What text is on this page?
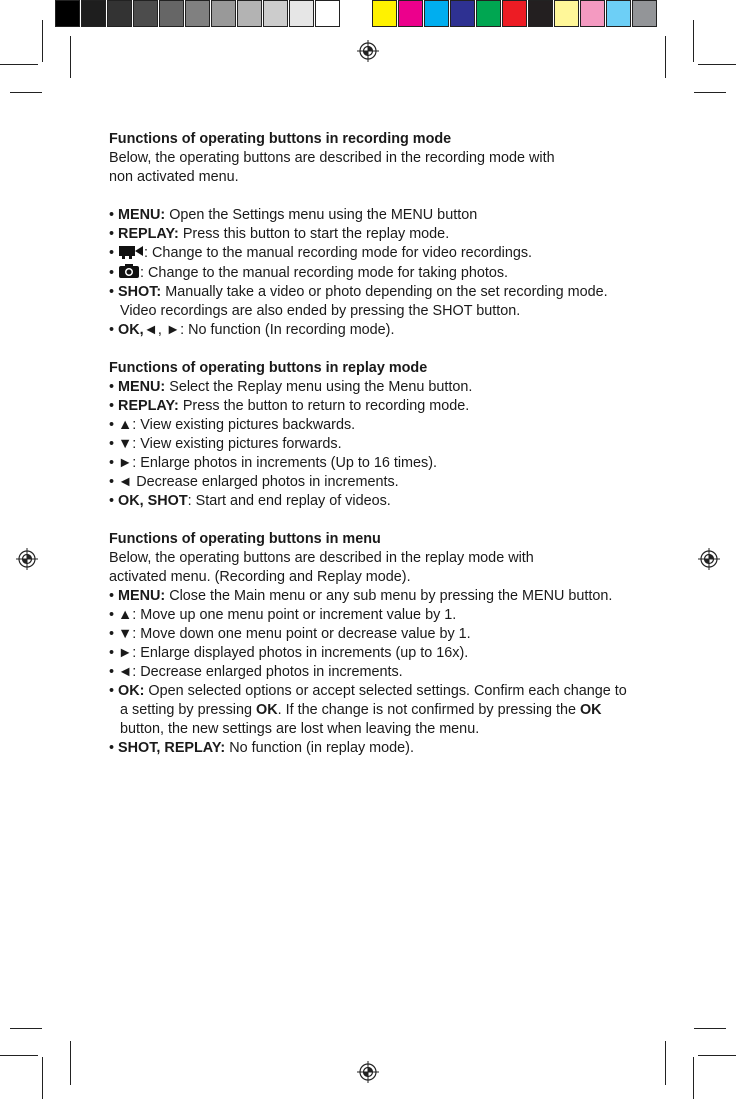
Functions of operating buttons in recording mode

Below, the operating buttons are described in the recording mode with
non activated menu.

• MENU: Open the Settings menu using the MENU button

• REPLAY: Press this button to start the replay mode.

• : Change to the manual recording mode for video recordings.

• : Change to the manual recording mode for taking photos.

• SHOT: Manually take a video or photo depending on the set recording mode. Video recordings are also ended by pressing the SHOT button.

• OK,◄, ►: No function (In recording mode).

Functions of operating buttons in replay mode

• MENU: Select the Replay menu using the Menu button.

• REPLAY: Press the button to return to recording mode.

• ▲: View existing pictures backwards.

• ▼: View existing pictures forwards.

• ►: Enlarge photos in increments (Up to 16 times).

• ◄ Decrease enlarged photos in increments.

• OK, SHOT: Start and end replay of videos.

Functions of operating buttons in menu

Below, the operating buttons are described in the replay mode with
activated menu. (Recording and Replay mode).

• MENU: Close the Main menu or any sub menu by pressing the MENU button.

• ▲: Move up one menu point or increment value by 1.

• ▼: Move down one menu point or decrease value by 1.

• ►: Enlarge displayed photos in increments (up to 16x).

• ◄: Decrease enlarged photos in increments.

• OK: Open selected options or accept selected settings. Confirm each change to a setting by pressing OK. If the change is not confirmed by pressing the OK button, the new settings are lost when leaving the menu.

• SHOT, REPLAY: No function (in replay mode).
